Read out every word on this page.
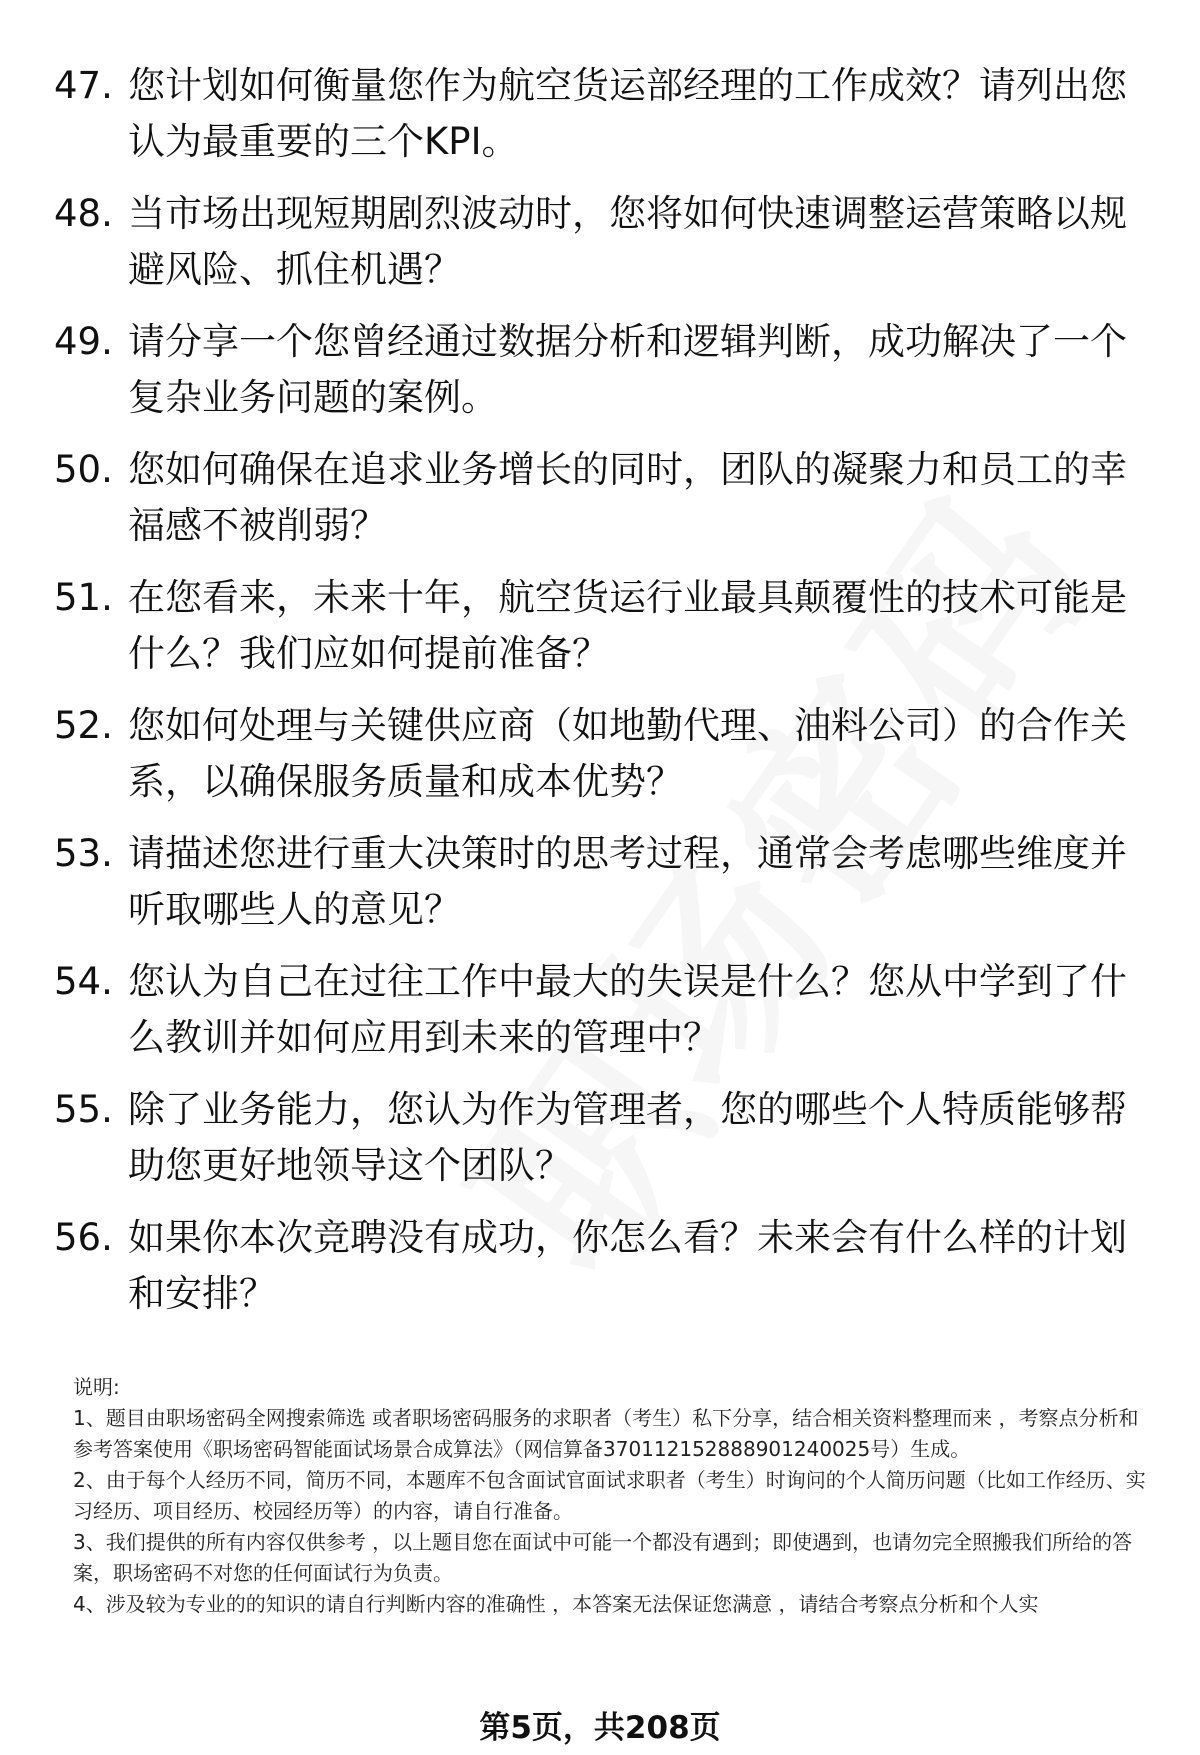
47. 您计划如何衡量您作为航空货运部经理的工作成效？请列出您认为最重要的三个KPI。
48. 当市场出现短期剧烈波动时，您将如何快速调整运营策略以规避风险、抓住机遇？
49. 请分享一个您曾经通过数据分析和逻辑判断，成功解决了一个复杂业务问题的案例。
50. 您如何确保在追求业务增长的同时，团队的凝聚力和员工的幸福感不被削弱？
51. 在您看来，未来十年，航空货运行业最具颠覆性的技术可能是什么？我们应如何提前准备？
52. 您如何处理与关键供应商（如地勤代理、油料公司）的合作关系，以确保服务质量和成本优势？
53. 请描述您进行重大决策时的思考过程，通常会考虑哪些维度并听取哪些人的意见？
54. 您认为自己在过往工作中最大的失误是什么？您从中学到了什么教训并如何应用到未来的管理中？
55. 除了业务能力，您认为作为管理者，您的哪些个人特质能够帮助您更好地领导这个团队？
56. 如果你本次竞聘没有成功，你怎么看？未来会有什么样的计划和安排？

说明:

1、题目由职场密码全网搜索筛选 或者职场密码服务的求职者（考生）私下分享，结合相关资料整理而来 ，考察点分析和参考答案使用《职场密码智能面试场景合成算法》（网信算备370112152888901240025号）生成。

2、由于每个人经历不同，简历不同，本题库不包含面试官面试求职者（考生）时询问的个人简历问题（比如工作经历、实习经历、项目经历、校园经历等）的内容，请自行准备。

3、我们提供的所有内容仅供参考 ，以上题目您在面试中可能一个都没有遇到；即使遇到，也请勿完全照搬我们所给的答案，职场密码不对您的任何面试行为负责。

4、涉及较为专业的的知识的请自行判断内容的准确性 ，本答案无法保证您满意 ，请结合考察点分析和个人实

第5页，共208页
